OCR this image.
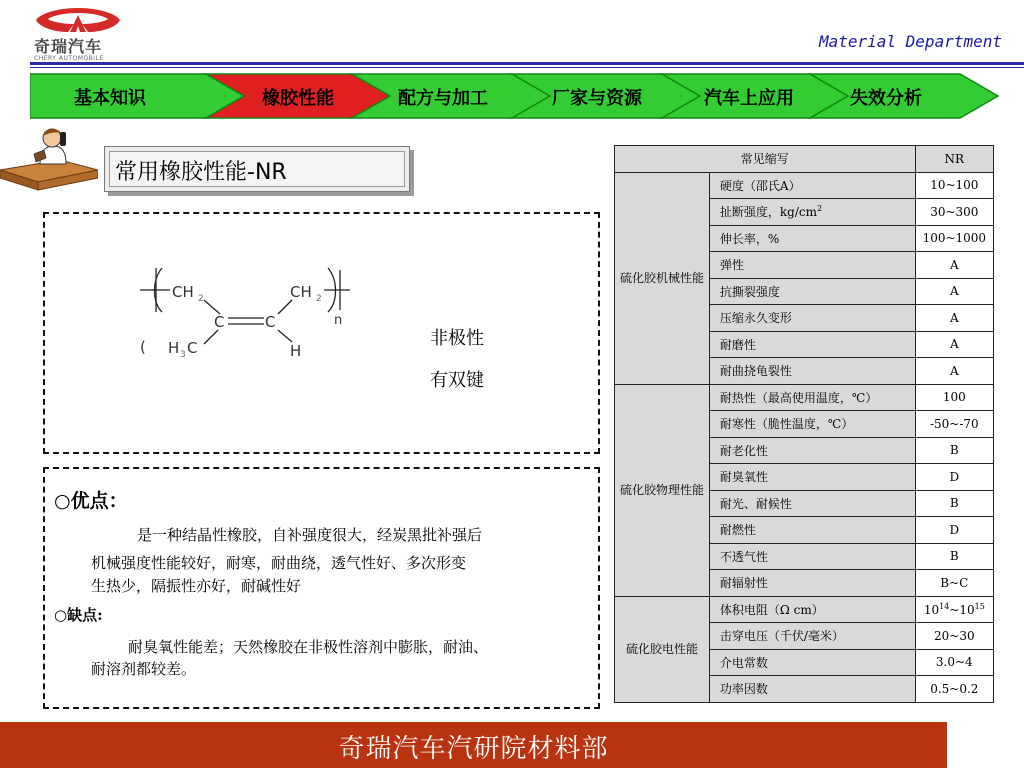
奇瑞汽车
CHERY AUTOMOBILE
Material Department
基本知识	橡胶性能	配方与加工	厂家与资源	汽车上应用	失效分析
常用橡胶性能-NR
CH 2
C	C
CH 2
n
( H 3 C	H
非极性
有双键
○优点：
是一种结晶性橡胶，自补强度很大，经炭黑批补强后
机械强度性能较好，耐寒，耐曲绕，透气性好、多次形变
生热少，隔振性亦好，耐碱性好
○缺点:
耐臭氧性能差；天然橡胶在非极性溶剂中膨胀，耐油、
耐溶剂都较差。
常见缩写		NR
硫化胶机械性能	硬度（邵氏A）	10~100
	扯断强度，$kg/cm^2$	30~300
	伸长率，%	100~1000
	弹性	A
	抗撕裂强度	A
	压缩永久变形	A
	耐磨性	A
	耐曲挠龟裂性	A
硫化胶物理性能	耐热性（最高使用温度，℃）	100
	耐寒性（脆性温度，℃）	-50~-70
	耐老化性	B
	耐臭氧性	D
	耐光、耐候性	B
	耐燃性	D
	不透气性	B
	耐辐射性	B~C
硫化胶电性能	体积电阻（Ω cm）	$10^{14}\sim 10^{15}$
	击穿电压（千伏/毫米）	20~30
	介电常数	3.0~4
	功率因数	0.5~0.2
奇瑞汽车汽研院材料部
